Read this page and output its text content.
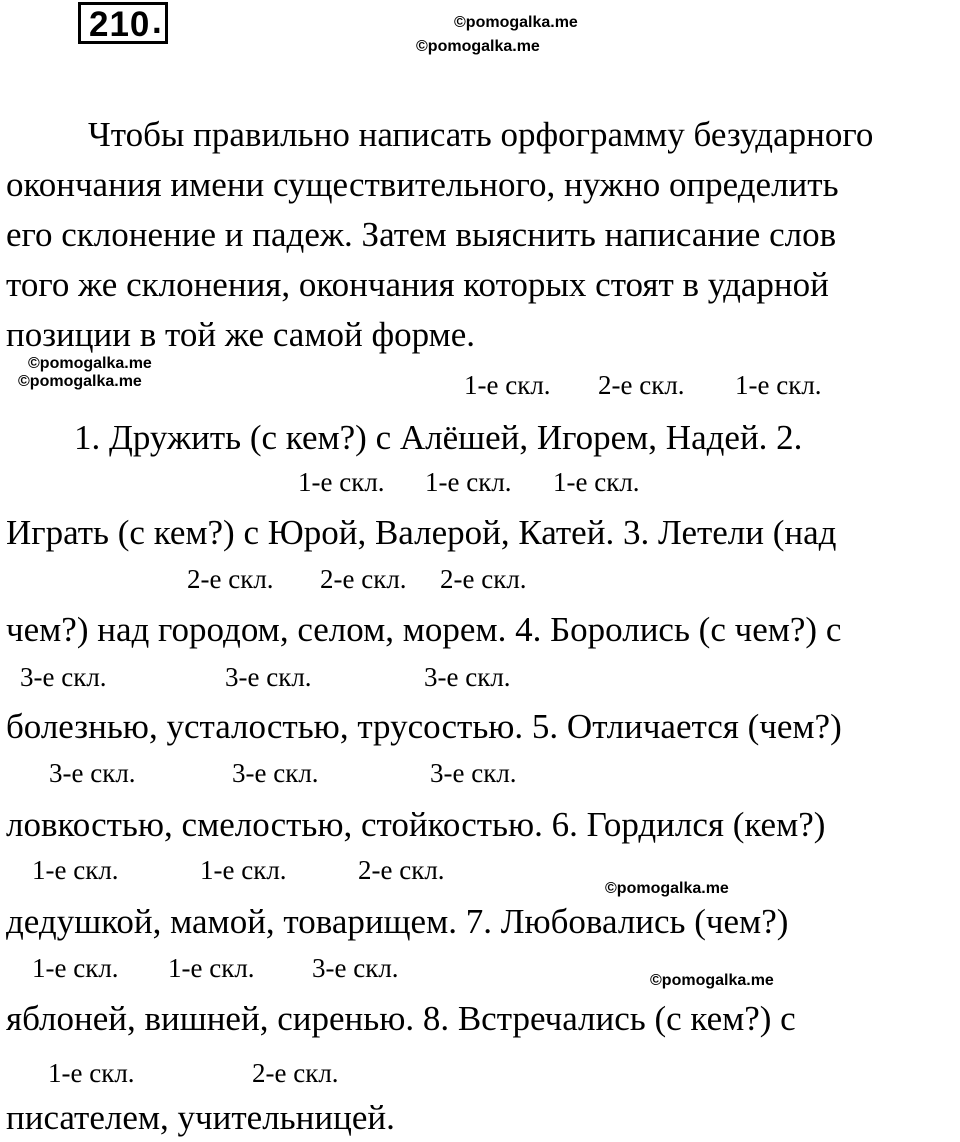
210 .	©pomogalka.me
©pomogalka.me
©pomogalka.me
©pomogalka.me
©pomogalka.me
©pomogalka.me
Чтобы правильно написать орфограмму безударного
окончания имени существительного, нужно определить
его склонение и падеж. Затем выяснить написание слов
того же склонения, окончания которых стоят в ударной
позиции в той же самой форме.
1-е скл. 2-е скл. 1-е скл.
1. Дружить (с кем?) с Алёшей, Игорем, Надей. 2.
1-е скл. 1-е скл. 1-е скл.
Играть (с кем?) с Юрой, Валерой, Катей. 3. Летели (над
2-е скл. 2-е скл. 2-е скл.
чем?) над городом, селом, морем. 4. Боролись (с чем?) с
3-е скл.	3-е скл.	3-е скл.
болезнью, усталостью, трусостью. 5. Отличается (чем?)
3-е скл.	3-е скл.	3-е скл.
ловкостью, смелостью, стойкостью. 6. Гордился (кем?)
1-е скл.	1-е скл.	2-е скл.
дедушкой, мамой, товарищем. 7. Любовались (чем?)
1-е скл. 1-е скл. 3-е скл.
яблоней, вишней, сиренью. 8. Встречались (с кем?) с
1-е скл.	2-е скл.
писателем, учительницей.
